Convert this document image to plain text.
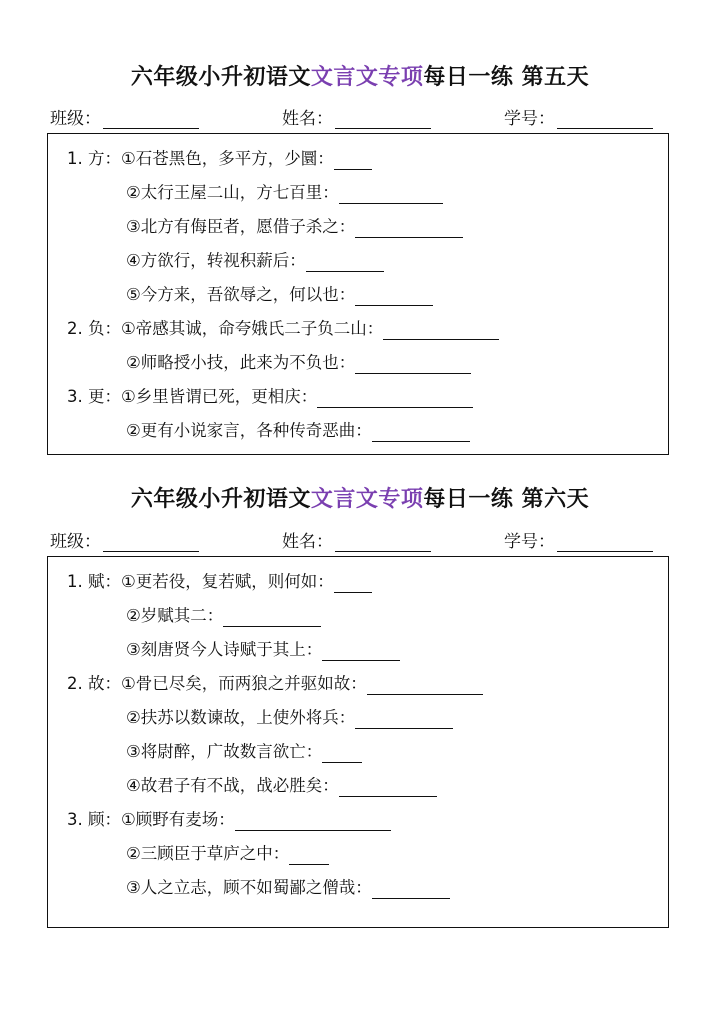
六年级小升初语文文言文专项每日一练 第五天
班级：	姓名：	学号：
1. 方：①石苍黑色，多平方，少圜：
②太行王屋二山，方七百里：
③北方有侮臣者，愿借子杀之：
④方欲行，转视积薪后：
⑤今方来，吾欲辱之，何以也：
2. 负：①帝感其诚，命夸娥氏二子负二山：
②师略授小技，此来为不负也：
3. 更：①乡里皆谓已死，更相庆：
②更有小说家言，各种传奇恶曲：
六年级小升初语文文言文专项每日一练 第六天
班级：	姓名：	学号：
1. 赋：①更若役，复若赋，则何如：
②岁赋其二：
③刻唐贤今人诗赋于其上：
2. 故：①骨已尽矣，而两狼之并驱如故：
②扶苏以数谏故，上使外将兵：
③将尉醉，广故数言欲亡：
④故君子有不战，战必胜矣：
3. 顾：①顾野有麦场：
②三顾臣于草庐之中：
③人之立志，顾不如蜀鄙之僧哉：
